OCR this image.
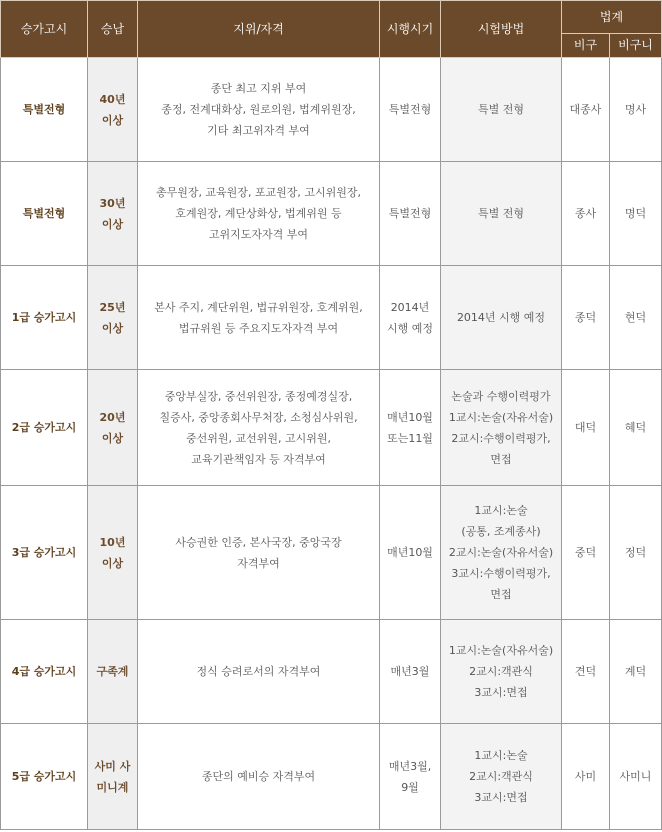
승가고시	승납	지위/자격	시행시기	시험방법	법계	
					비구	비구니
특별전형	40년 이상	종단 최고 지위 부여
종정, 전계대화상, 원로의원, 법계위원장,
기타 최고위자격 부여	특별전형	특별 전형	대종사	명사
특별전형	30년 이상	총무원장, 교육원장, 포교원장, 고시위원장,
호계원장, 계단상화상, 법계위원 등
고위지도자자격 부여	특별전형	특별 전형	종사	명덕
1급 승가고시	25년 이상	본사 주지, 계단위원, 법규위원장, 호계위원,
법규위원 등 주요지도자자격 부여	2014년 시행 예정	2014년 시행 예정	종덕	현덕
2급 승가고시	20년 이상	중앙부실장, 중선위원장, 종정예경실장,
칠증사, 중앙종회사무처장, 소청심사위원,
중선위원, 교선위원, 고시위원,
교육기관책임자 등 자격부여	매년10월 또는11월	논술과 수행이력평가
1교시:논술(자유서술)
2교시:수행이력평가, 면접	대덕	혜덕
3급 승가고시	10년 이상	사승권한 인증, 본사국장, 중앙국장
자격부여	매년10월	1교시:논술
(공통, 조계종사)
2교시:논술(자유서술)
3교시:수행이력평가, 면접	중덕	정덕
4급 승가고시	구족계	정식 승려로서의 자격부여	매년3월	1교시:논술(자유서술)
2교시:객관식
3교시:면접	견덕	계덕
5급 승가고시	사미 사미니계	종단의 예비승 자격부여	매년3월, 9월	1교시:논술
2교시:객관식
3교시:면접	사미	사미니
